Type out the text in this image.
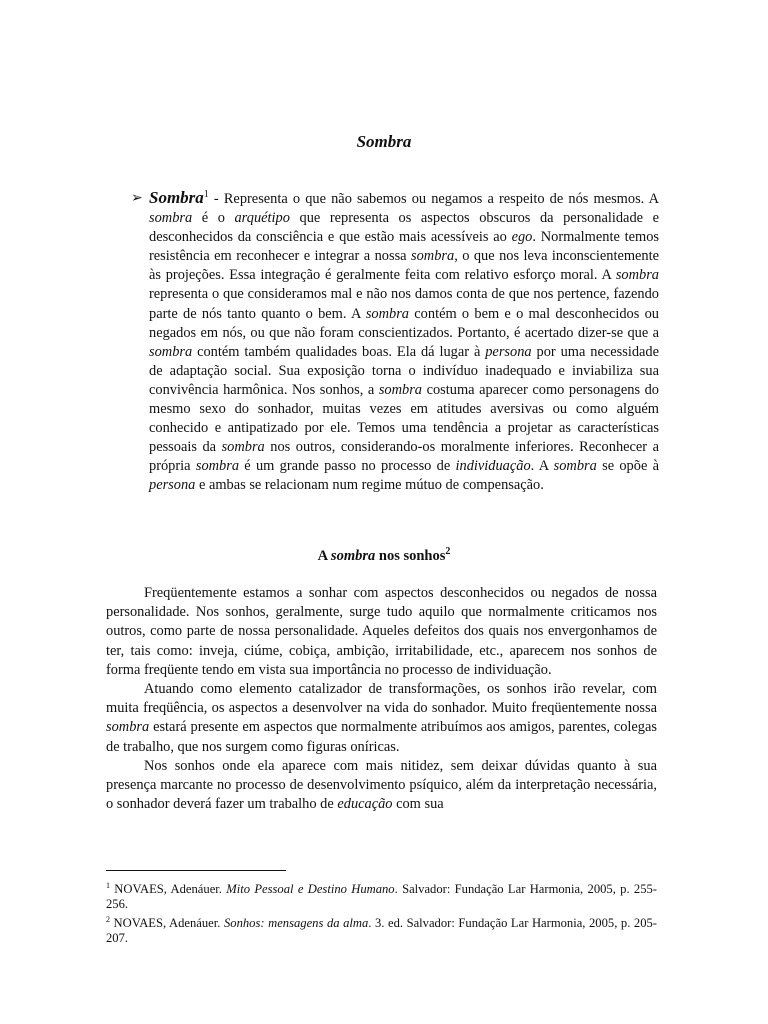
Sombra
➢ Sombra$^1$ - Representa o que não sabemos ou negamos a respeito de nós mesmos. A sombra é o arquétipo que representa os aspectos obscuros da personalidade e desconhecidos da consciência e que estão mais acessíveis ao ego. Normalmente temos resistência em reconhecer e integrar a nossa sombra, o que nos leva inconscientemente às projeções. Essa integração é geralmente feita com relativo esforço moral. A sombra representa o que consideramos mal e não nos damos conta de que nos pertence, fazendo parte de nós tanto quanto o bem. A sombra contém o bem e o mal desconhecidos ou negados em nós, ou que não foram conscientizados. Portanto, é acertado dizer-se que a sombra contém também qualidades boas. Ela dá lugar à persona por uma necessidade de adaptação social. Sua exposição torna o indivíduo inadequado e inviabiliza sua convivência harmônica. Nos sonhos, a sombra costuma aparecer como personagens do mesmo sexo do sonhador, muitas vezes em atitudes aversivas ou como alguém conhecido e antipatizado por ele. Temos uma tendência a projetar as características pessoais da sombra nos outros, considerando-os moralmente inferiores. Reconhecer a própria sombra é um grande passo no processo de individuação. A sombra se opõe à persona e ambas se relacionam num regime mútuo de compensação.
A sombra nos sonhos$^2$

Freqüentemente estamos a sonhar com aspectos desconhecidos ou negados de nossa personalidade. Nos sonhos, geralmente, surge tudo aquilo que normalmente criticamos nos outros, como parte de nossa personalidade. Aqueles defeitos dos quais nos envergonhamos de ter, tais como: inveja, ciúme, cobiça, ambição, irritabilidade, etc., aparecem nos sonhos de forma freqüente tendo em vista sua importância no processo de individuação.

Atuando como elemento catalizador de transformações, os sonhos irão revelar, com muita freqüência, os aspectos a desenvolver na vida do sonhador. Muito freqüentemente nossa sombra estará presente em aspectos que normalmente atribuímos aos amigos, parentes, colegas de trabalho, que nos surgem como figuras oníricas.

Nos sonhos onde ela aparece com mais nitidez, sem deixar dúvidas quanto à sua presença marcante no processo de desenvolvimento psíquico, além da interpretação necessária, o sonhador deverá fazer um trabalho de educação com sua

$^1$ NOVAES, Adenáuer. Mito Pessoal e Destino Humano. Salvador: Fundação Lar Harmonia, 2005, p. 255-256.

$^2$ NOVAES, Adenáuer. Sonhos: mensagens da alma. 3. ed. Salvador: Fundação Lar Harmonia, 2005, p. 205-207.
